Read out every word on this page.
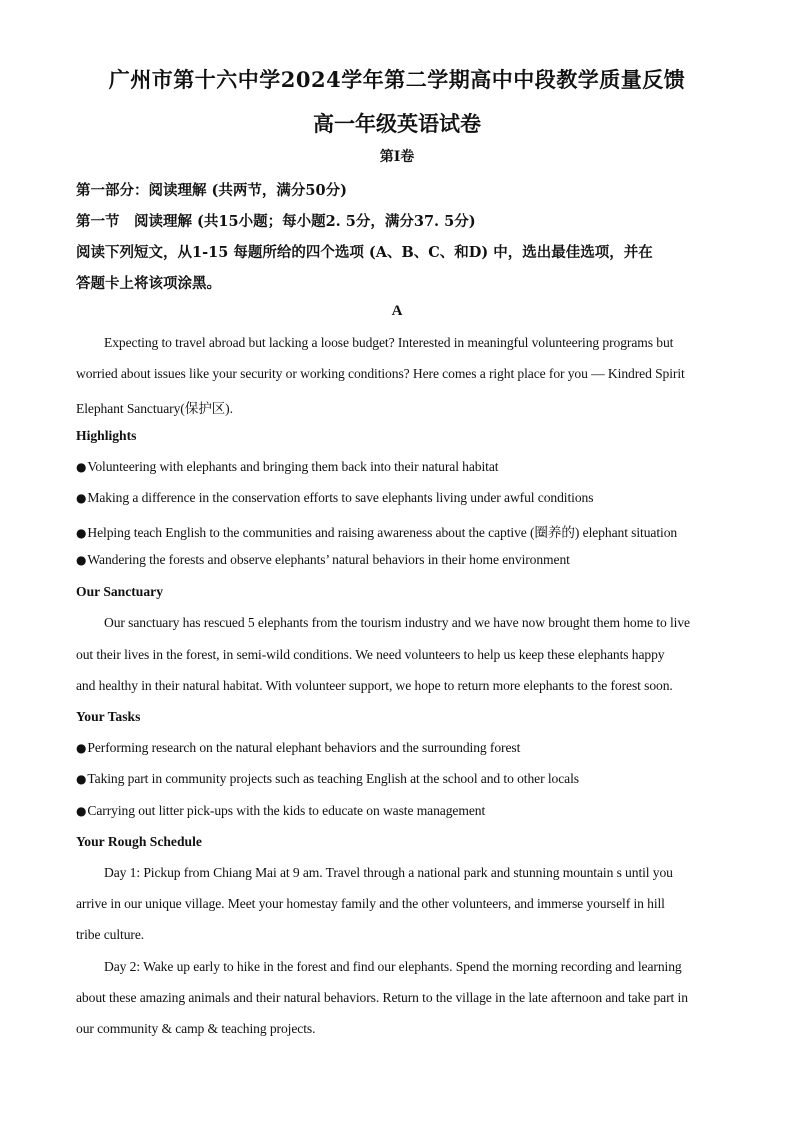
广州市第十六中学2024学年第二学期高中中段教学质量反馈
高一年级英语试卷
第Ⅰ卷
第一部分：阅读理解 (共两节，满分50分)
第一节　阅读理解 (共15小题；每小题2. 5分，满分37. 5分)
阅读下列短文，从1-15 每题所给的四个选项 (A、B、C、和D) 中，选出最佳选项，并在
答题卡上将该项涂黑。
A
Expecting to travel abroad but lacking a loose budget? Interested in meaningful volunteering programs but
worried about issues like your security or working conditions? Here comes a right place for you — Kindred Spirit
Elephant Sanctuary(保护区).
Highlights
●Volunteering with elephants and bringing them back into their natural habitat
●Making a difference in the conservation efforts to save elephants living under awful conditions
●Helping teach English to the communities and raising awareness about the captive (圈养的) elephant situation
●Wandering the forests and observe elephants’ natural behaviors in their home environment
Our Sanctuary
Our sanctuary has rescued 5 elephants from the tourism industry and we have now brought them home to live
out their lives in the forest, in semi-wild conditions. We need volunteers to help us keep these elephants happy
and healthy in their natural habitat. With volunteer support, we hope to return more elephants to the forest soon.
Your Tasks
●Performing research on the natural elephant behaviors and the surrounding forest
●Taking part in community projects such as teaching English at the school and to other locals
●Carrying out litter pick-ups with the kids to educate on waste management
Your Rough Schedule
Day 1: Pickup from Chiang Mai at 9 am. Travel through a national park and stunning mountain s until you
arrive in our unique village. Meet your homestay family and the other volunteers, and immerse yourself in hill
tribe culture.
Day 2: Wake up early to hike in the forest and find our elephants. Spend the morning recording and learning
about these amazing animals and their natural behaviors. Return to the village in the late afternoon and take part in
our community & camp & teaching projects.
